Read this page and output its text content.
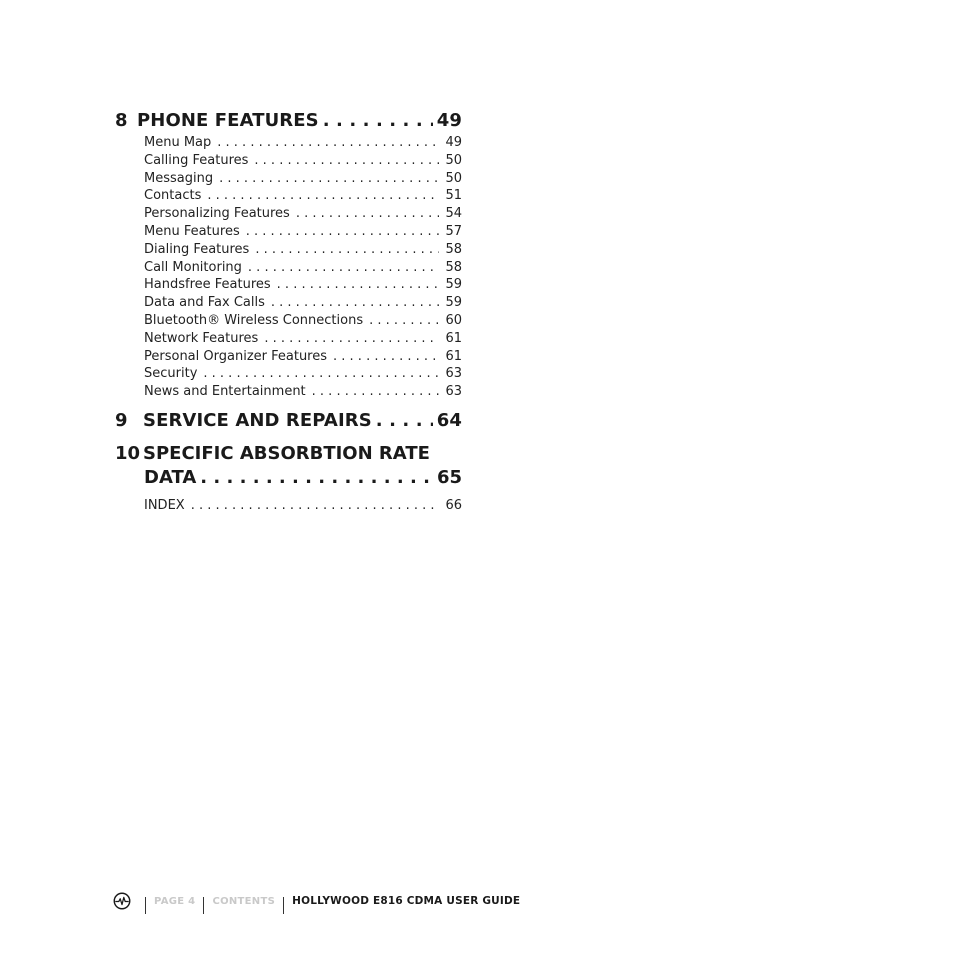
8 PHONE FEATURES . . .	49
Menu Map . . .	49
Calling Features . . .	50
Messaging . . .	50
Contacts . . .	51
Personalizing Features . . .	54
Menu Features . . .	57
Dialing Features . . .	58
Call Monitoring . . .	58
Handsfree Features . . .	59
Data and Fax Calls . . .	59
Bluetooth® Wireless Connections . . .	60
Network Features . . .	61
Personal Organizer Features . . .	61
Security . . .	63
News and Entertainment . . .	63
9 SERVICE AND REPAIRS . . .	64
10 SPECIFIC ABSORBTION RATE
DATA . . .	65
INDEX . . .	66
PAGE 4 CONTENTS HOLLYWOOD E816 CDMA USER GUIDE
